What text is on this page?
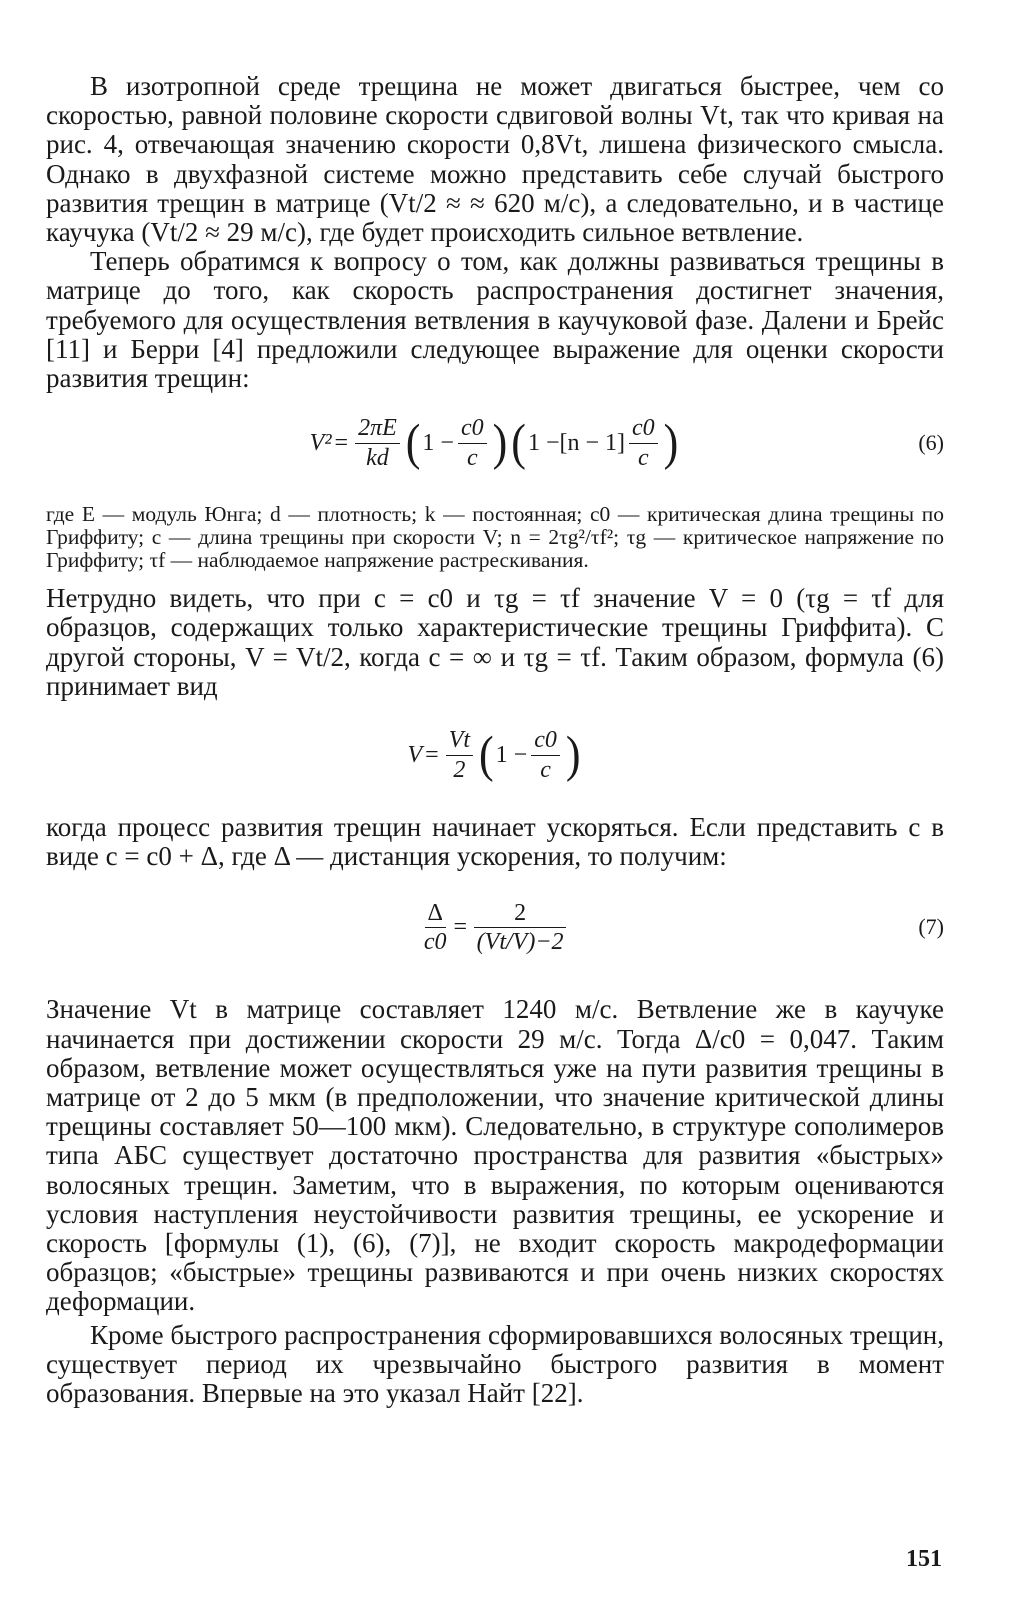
В изотропной среде трещина не может двигаться быстрее, чем со скоростью, равной половине скорости сдвиговой волны Vt, так что кривая на рис. 4, отвечающая значению скорости 0,8Vt, лишена физического смысла. Однако в двухфазной системе можно представить себе случай быстрого развития трещин в матрице (Vt/2 ≈ ≈ 620 м/с), а следовательно, и в частице каучука (Vt/2 ≈ 29 м/с), где будет происходить сильное ветвление.

Теперь обратимся к вопросу о том, как должны развиваться трещины в матрице до того, как скорость распространения достигнет значения, требуемого для осуществления ветвления в каучуковой фазе. Далени и Брейс [11] и Берри [4] предложили следующее выражение для оценки скорости развития трещин:

$V^2 = \frac{2\pi E}{kd}$ ( $1 - \frac{c0}{c}$ ) ( $1 -[n - 1] \frac{c0}{c}$ )	(6)

где E — модуль Юнга; d — плотность; k — постоянная; c0 — критическая длина трещины по Гриффиту; c — длина трещины при скорости V; n = 2τg²/τf²; τg — критическое напряжение по Гриффиту; τf — наблюдаемое напряжение растрескивания.

Нетрудно видеть, что при c = c0 и τg = τf значение V = 0 (τg = τf для образцов, содержащих только характеристические трещины Гриффита). С другой стороны, V = Vt/2, когда c = ∞ и τg = τf. Таким образом, формула (6) принимает вид

$V = \frac{Vt}{2}$ ( $1 - \frac{c0}{c}$ )

когда процесс развития трещин начинает ускоряться. Если представить c в виде c = c0 + Δ, где Δ — дистанция ускорения, то получим:

$\frac{\Delta}{c0} = \frac{2}{(Vt/V)-2}$	(7)

Значение Vt в матрице составляет 1240 м/с. Ветвление же в каучуке начинается при достижении скорости 29 м/с. Тогда Δ/c0 = 0,047. Таким образом, ветвление может осуществляться уже на пути развития трещины в матрице от 2 до 5 мкм (в предположении, что значение критической длины трещины составляет 50—100 мкм). Следовательно, в структуре сополимеров типа АБС существует достаточно пространства для развития «быстрых» волосяных трещин. Заметим, что в выражения, по которым оцениваются условия наступления неустойчивости развития трещины, ее ускорение и скорость [формулы (1), (6), (7)], не входит скорость макродеформации образцов; «быстрые» трещины развиваются и при очень низких скоростях деформации.

Кроме быстрого распространения сформировавшихся волосяных трещин, существует период их чрезвычайно быстрого развития в момент образования. Впервые на это указал Найт [22].

151
